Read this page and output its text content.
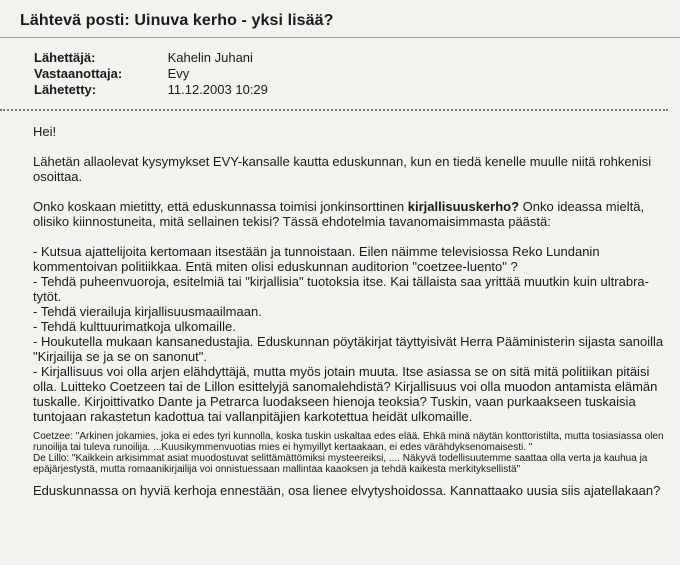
Lähtevä posti: Uinuva kerho - yksi lisää?
Lähettäjä:	Kahelin Juhani
Vastaanottaja:	Evy
Lähetetty:	11.12.2003 10:29

Hei!

Lähetän allaolevat kysymykset EVY-kansalle kautta eduskunnan, kun en tiedä kenelle muulle niitä rohkenisi osoittaa.

Onko koskaan mietitty, että eduskunnassa toimisi jonkinsorttinen kirjallisuuskerho? Onko ideassa mieltä, olisiko kiinnostuneita, mitä sellainen tekisi? Tässä ehdotelmia tavanomaisimmasta päästä:

- Kutsua ajattelijoita kertomaan itsestään ja tunnoistaan. Eilen näimme televisiossa Reko Lundanin kommentoivan politiikkaa. Entä miten olisi eduskunnan auditorion "coetzee-luento" ?

- Tehdä puheenvuoroja, esitelmiä tai "kirjallisia" tuotoksia itse. Kai tällaista saa yrittää muutkin kuin ultrabra-tytöt.

- Tehdä vierailuja kirjallisuusmaailmaan.

- Tehdä kulttuurimatkoja ulkomaille.

- Houkutella mukaan kansanedustajia. Eduskunnan pöytäkirjat täyttyisivät Herra Pääministerin sijasta sanoilla "Kirjailija se ja se on sanonut".

- Kirjallisuus voi olla arjen elähdyttäjä, mutta myös jotain muuta. Itse asiassa se on sitä mitä politiikan pitäisi olla. Luitteko Coetzeen tai de Lillon esittelyjä sanomalehdistä? Kirjallisuus voi olla muodon antamista elämän tuskalle. Kirjoittivatko Dante ja Petrarca luodakseen hienoja teoksia? Tuskin, vaan purkaakseen tuskaisia tuntojaan rakastetun kadottua tai vallanpitäjien karkotettua heidät ulkomaille.

Coetzee: "Arkinen jokamies, joka ei edes tyri kunnolla, koska tuskin uskaltaa edes elää. Ehkä minä näytän konttoristilta, mutta tosiasiassa olen runoilija tai tuleva runoilija. ...Kuusikymmenvuotias mies ei hymyillyt kertaakaan, ei edes värähdyksenomaisesti. "

De Lillo: "Kaikkein arkisimmat asiat muodostuvat selittämättömiksi mysteereiksi, .... Näkyvä todellisuutemme saattaa olla verta ja kauhua ja epäjärjestystä, mutta romaanikirjailija voi onnistuessaan mallintaa kaaoksen ja tehdä kaikesta merkityksellistä"

Eduskunnassa on hyviä kerhoja ennestään, osa lienee elvytyshoidossa. Kannattaako uusia siis ajatellakaan?
